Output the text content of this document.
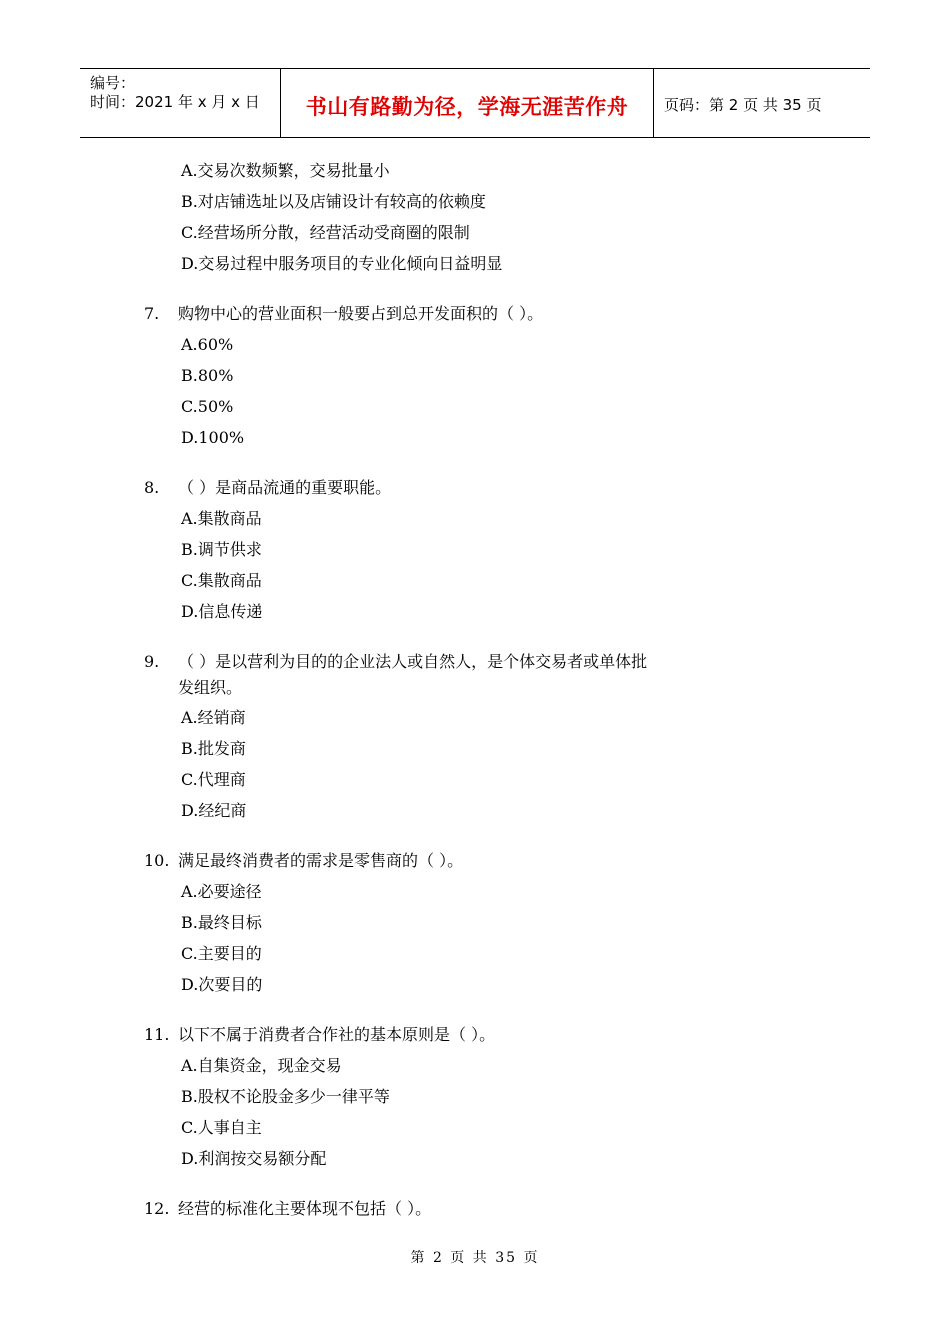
编号：
时间：2021 年 x 月 x 日	书山有路勤为径，学海无涯苦作舟	页码：第 2 页 共 35 页
A.交易次数频繁，交易批量小
B.对店铺选址以及店铺设计有较高的依赖度
C.经营场所分散，经营活动受商圈的限制
D.交易过程中服务项目的专业化倾向日益明显
7. 购物中心的营业面积一般要占到总开发面积的（ ）。
A.60%
B.80%
C.50%
D.100%
8. （ ）是商品流通的重要职能。
A.集散商品
B.调节供求
C.集散商品
D.信息传递
9. （ ）是以营利为目的的企业法人或自然人，是个体交易者或单体批
发组织。
A.经销商
B.批发商
C.代理商
D.经纪商
10. 满足最终消费者的需求是零售商的（ ）。
A.必要途径
B.最终目标
C.主要目的
D.次要目的
11. 以下不属于消费者合作社的基本原则是（ ）。
A.自集资金，现金交易
B.股权不论股金多少一律平等
C.人事自主
D.利润按交易额分配
12. 经营的标准化主要体现不包括（ ）。
第 2 页 共 35 页
